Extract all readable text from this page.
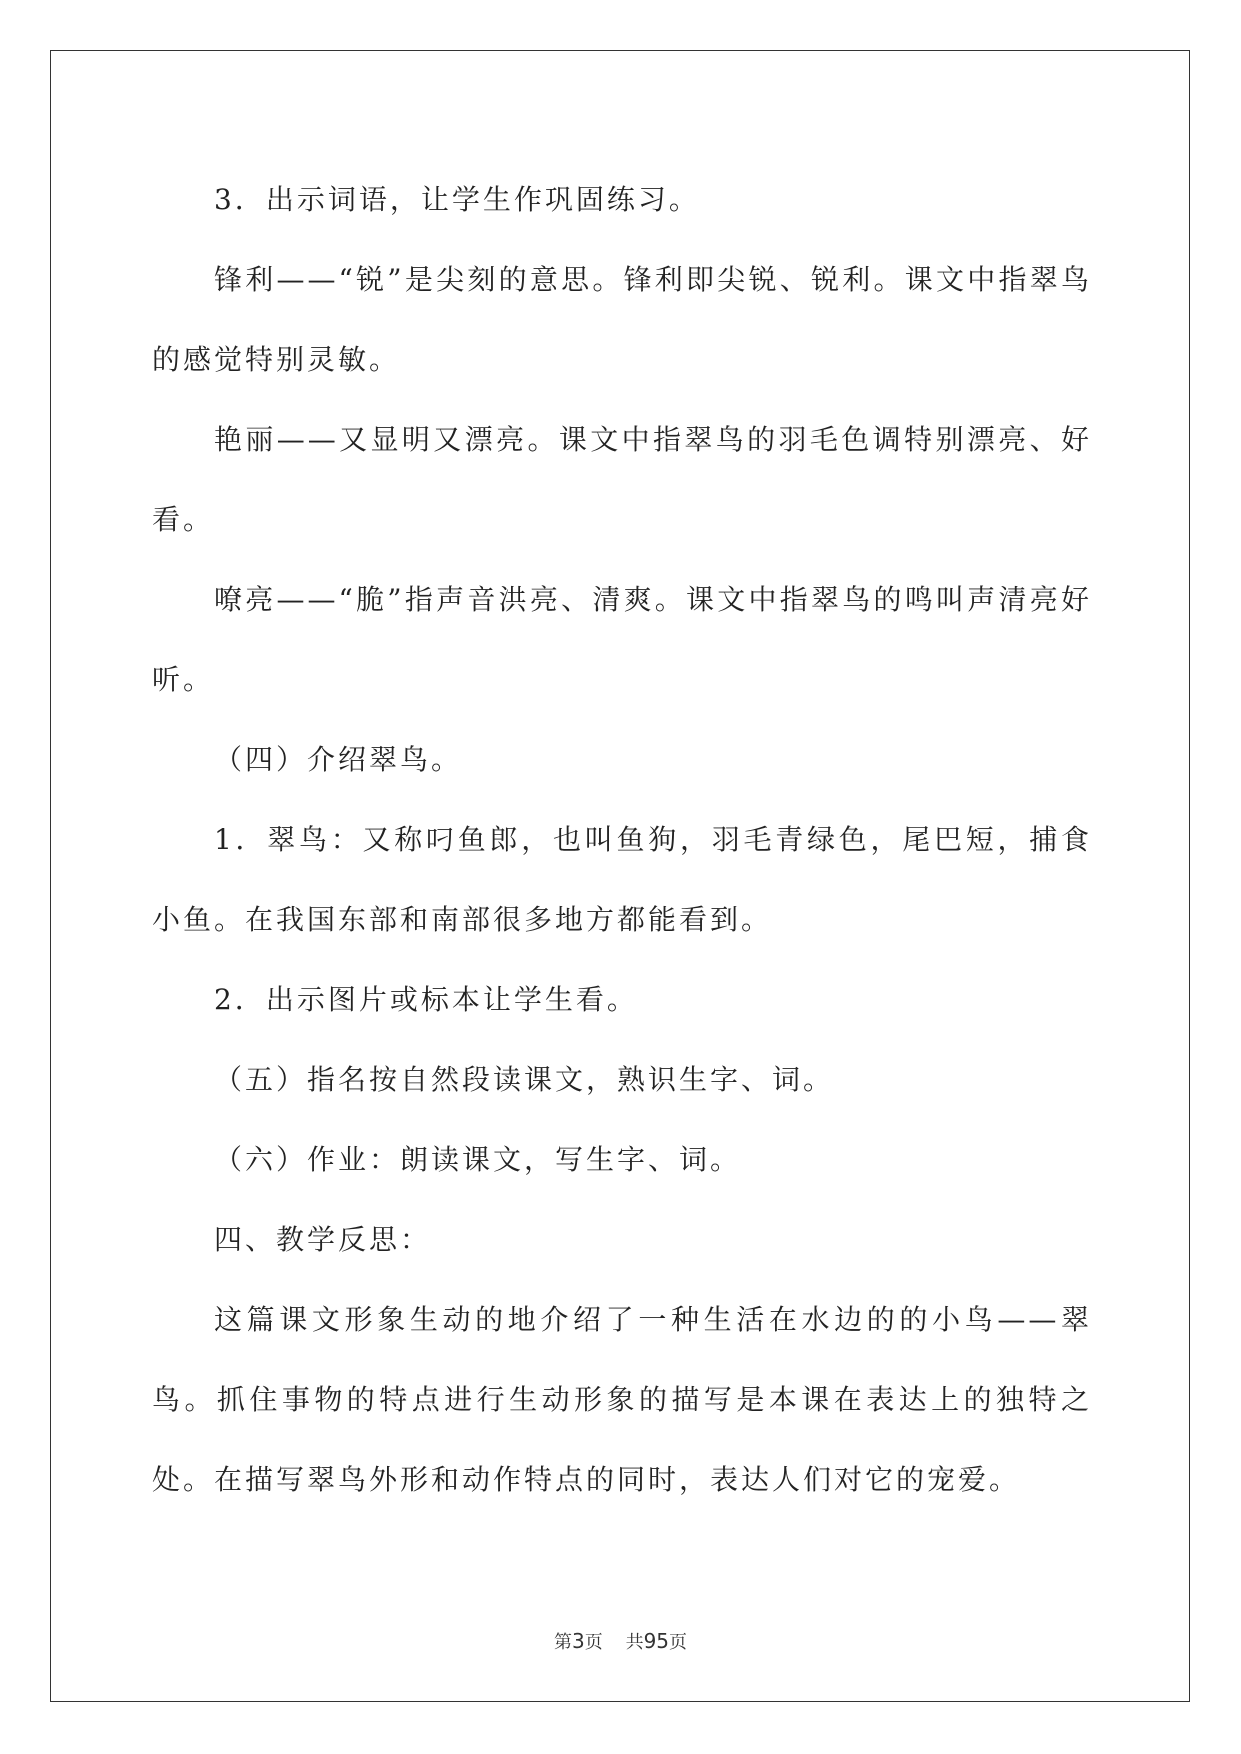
3．出示词语，让学生作巩固练习。

锋利——“锐”是尖刻的意思。锋利即尖锐、锐利。课文中指翠鸟的感觉特别灵敏。

艳丽——又显明又漂亮。课文中指翠鸟的羽毛色调特别漂亮、好看。

嘹亮——“脆”指声音洪亮、清爽。课文中指翠鸟的鸣叫声清亮好听。

（四）介绍翠鸟。

1．翠鸟：又称叼鱼郎，也叫鱼狗，羽毛青绿色，尾巴短，捕食小鱼。在我国东部和南部很多地方都能看到。

2．出示图片或标本让学生看。

（五）指名按自然段读课文，熟识生字、词。

（六）作业：朗读课文，写生字、词。

四、教学反思：

这篇课文形象生动的地介绍了一种生活在水边的的小鸟——翠鸟。抓住事物的特点进行生动形象的描写是本课在表达上的独特之处。在描写翠鸟外形和动作特点的同时，表达人们对它的宠爱。

第3页 共95页
